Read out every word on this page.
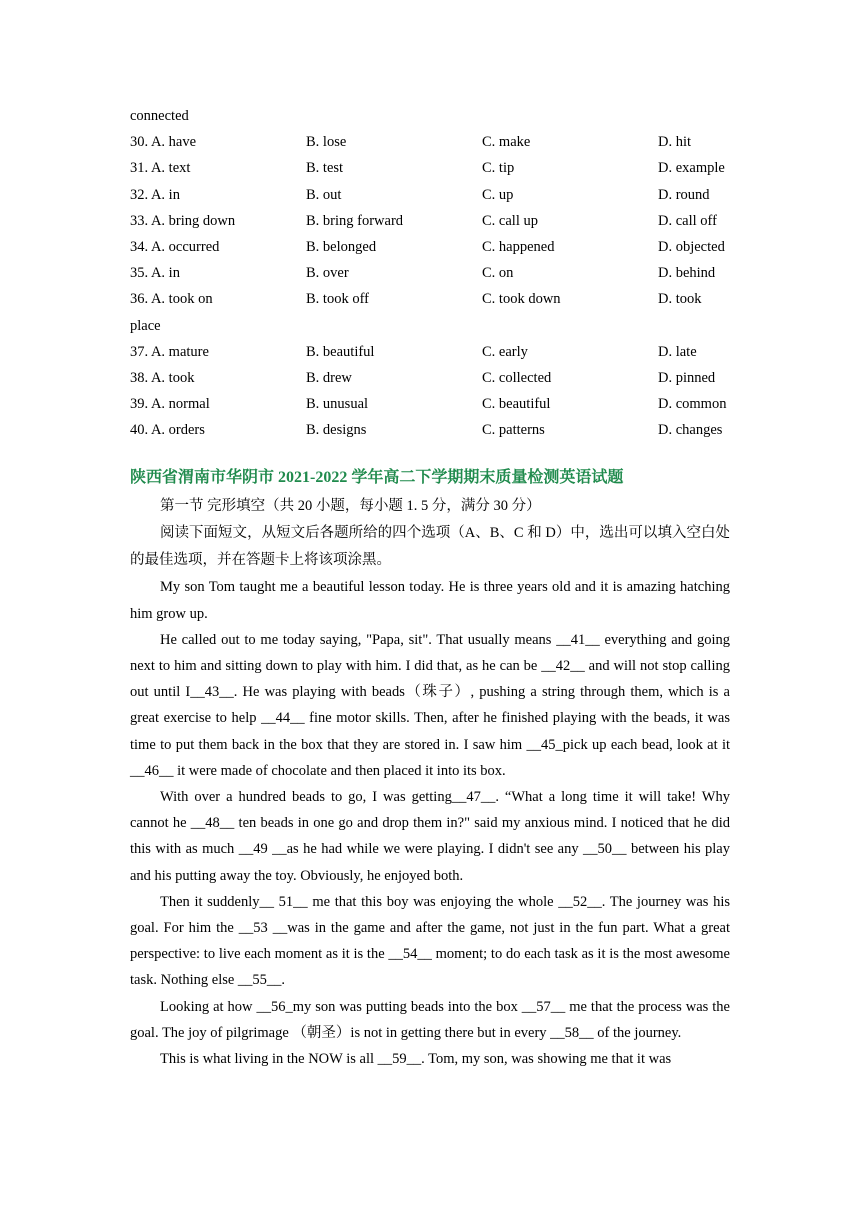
connected
30. A. have	B. lose	C. make	D. hit
31. A. text	B. test	C. tip	D. example
32. A. in	B. out	C. up	D. round
33. A. bring down	B. bring forward	C. call up	D. call off
34. A. occurred	B. belonged	C. happened	D. objected
35. A. in	B. over	C. on	D. behind
36. A. took on	B. took off	C. took down	D. took
place
37. A. mature	B. beautiful	C. early	D. late
38. A. took	B. drew	C. collected	D. pinned
39. A. normal	B. unusual	C. beautiful	D. common
40. A. orders	B. designs	C. patterns	D. changes
陕西省渭南市华阴市 2021-2022 学年高二下学期期末质量检测英语试题
第一节 完形填空（共 20 小题，每小题 1. 5 分，满分 30 分）

阅读下面短文，从短文后各题所给的四个选项（A、B、C 和 D）中，选出可以填入空白处的最佳选项，并在答题卡上将该项涂黑。

My son Tom taught me a beautiful lesson today. He is three years old and it is amazing hatching him grow up.

He called out to me today saying, "Papa, sit". That usually means __41__ everything and going next to him and sitting down to play with him. I did that, as he can be __42__ and will not stop calling out until I__43__. He was playing with beads（珠子）, pushing a string through them, which is a great exercise to help __44__ fine motor skills. Then, after he finished playing with the beads, it was time to put them back in the box that they are stored in. I saw him __45_pick up each bead, look at it __46__ it were made of chocolate and then placed it into its box.

With over a hundred beads to go, I was getting__47__. “What a long time it will take! Why cannot he __48__ ten beads in one go and drop them in?" said my anxious mind. I noticed that he did this with as much __49 __as he had while we were playing. I didn't see any __50__ between his play and his putting away the toy. Obviously, he enjoyed both.

Then it suddenly__ 51__ me that this boy was enjoying the whole __52__. The journey was his goal. For him the __53 __was in the game and after the game, not just in the fun part. What a great perspective: to live each moment as it is the __54__ moment; to do each task as it is the most awesome task. Nothing else __55__.

Looking at how __56_my son was putting beads into the box __57__ me that the process was the goal. The joy of pilgrimage （朝圣）is not in getting there but in every __58__ of the journey.

This is what living in the NOW is all __59__. Tom, my son, was showing me that it was
